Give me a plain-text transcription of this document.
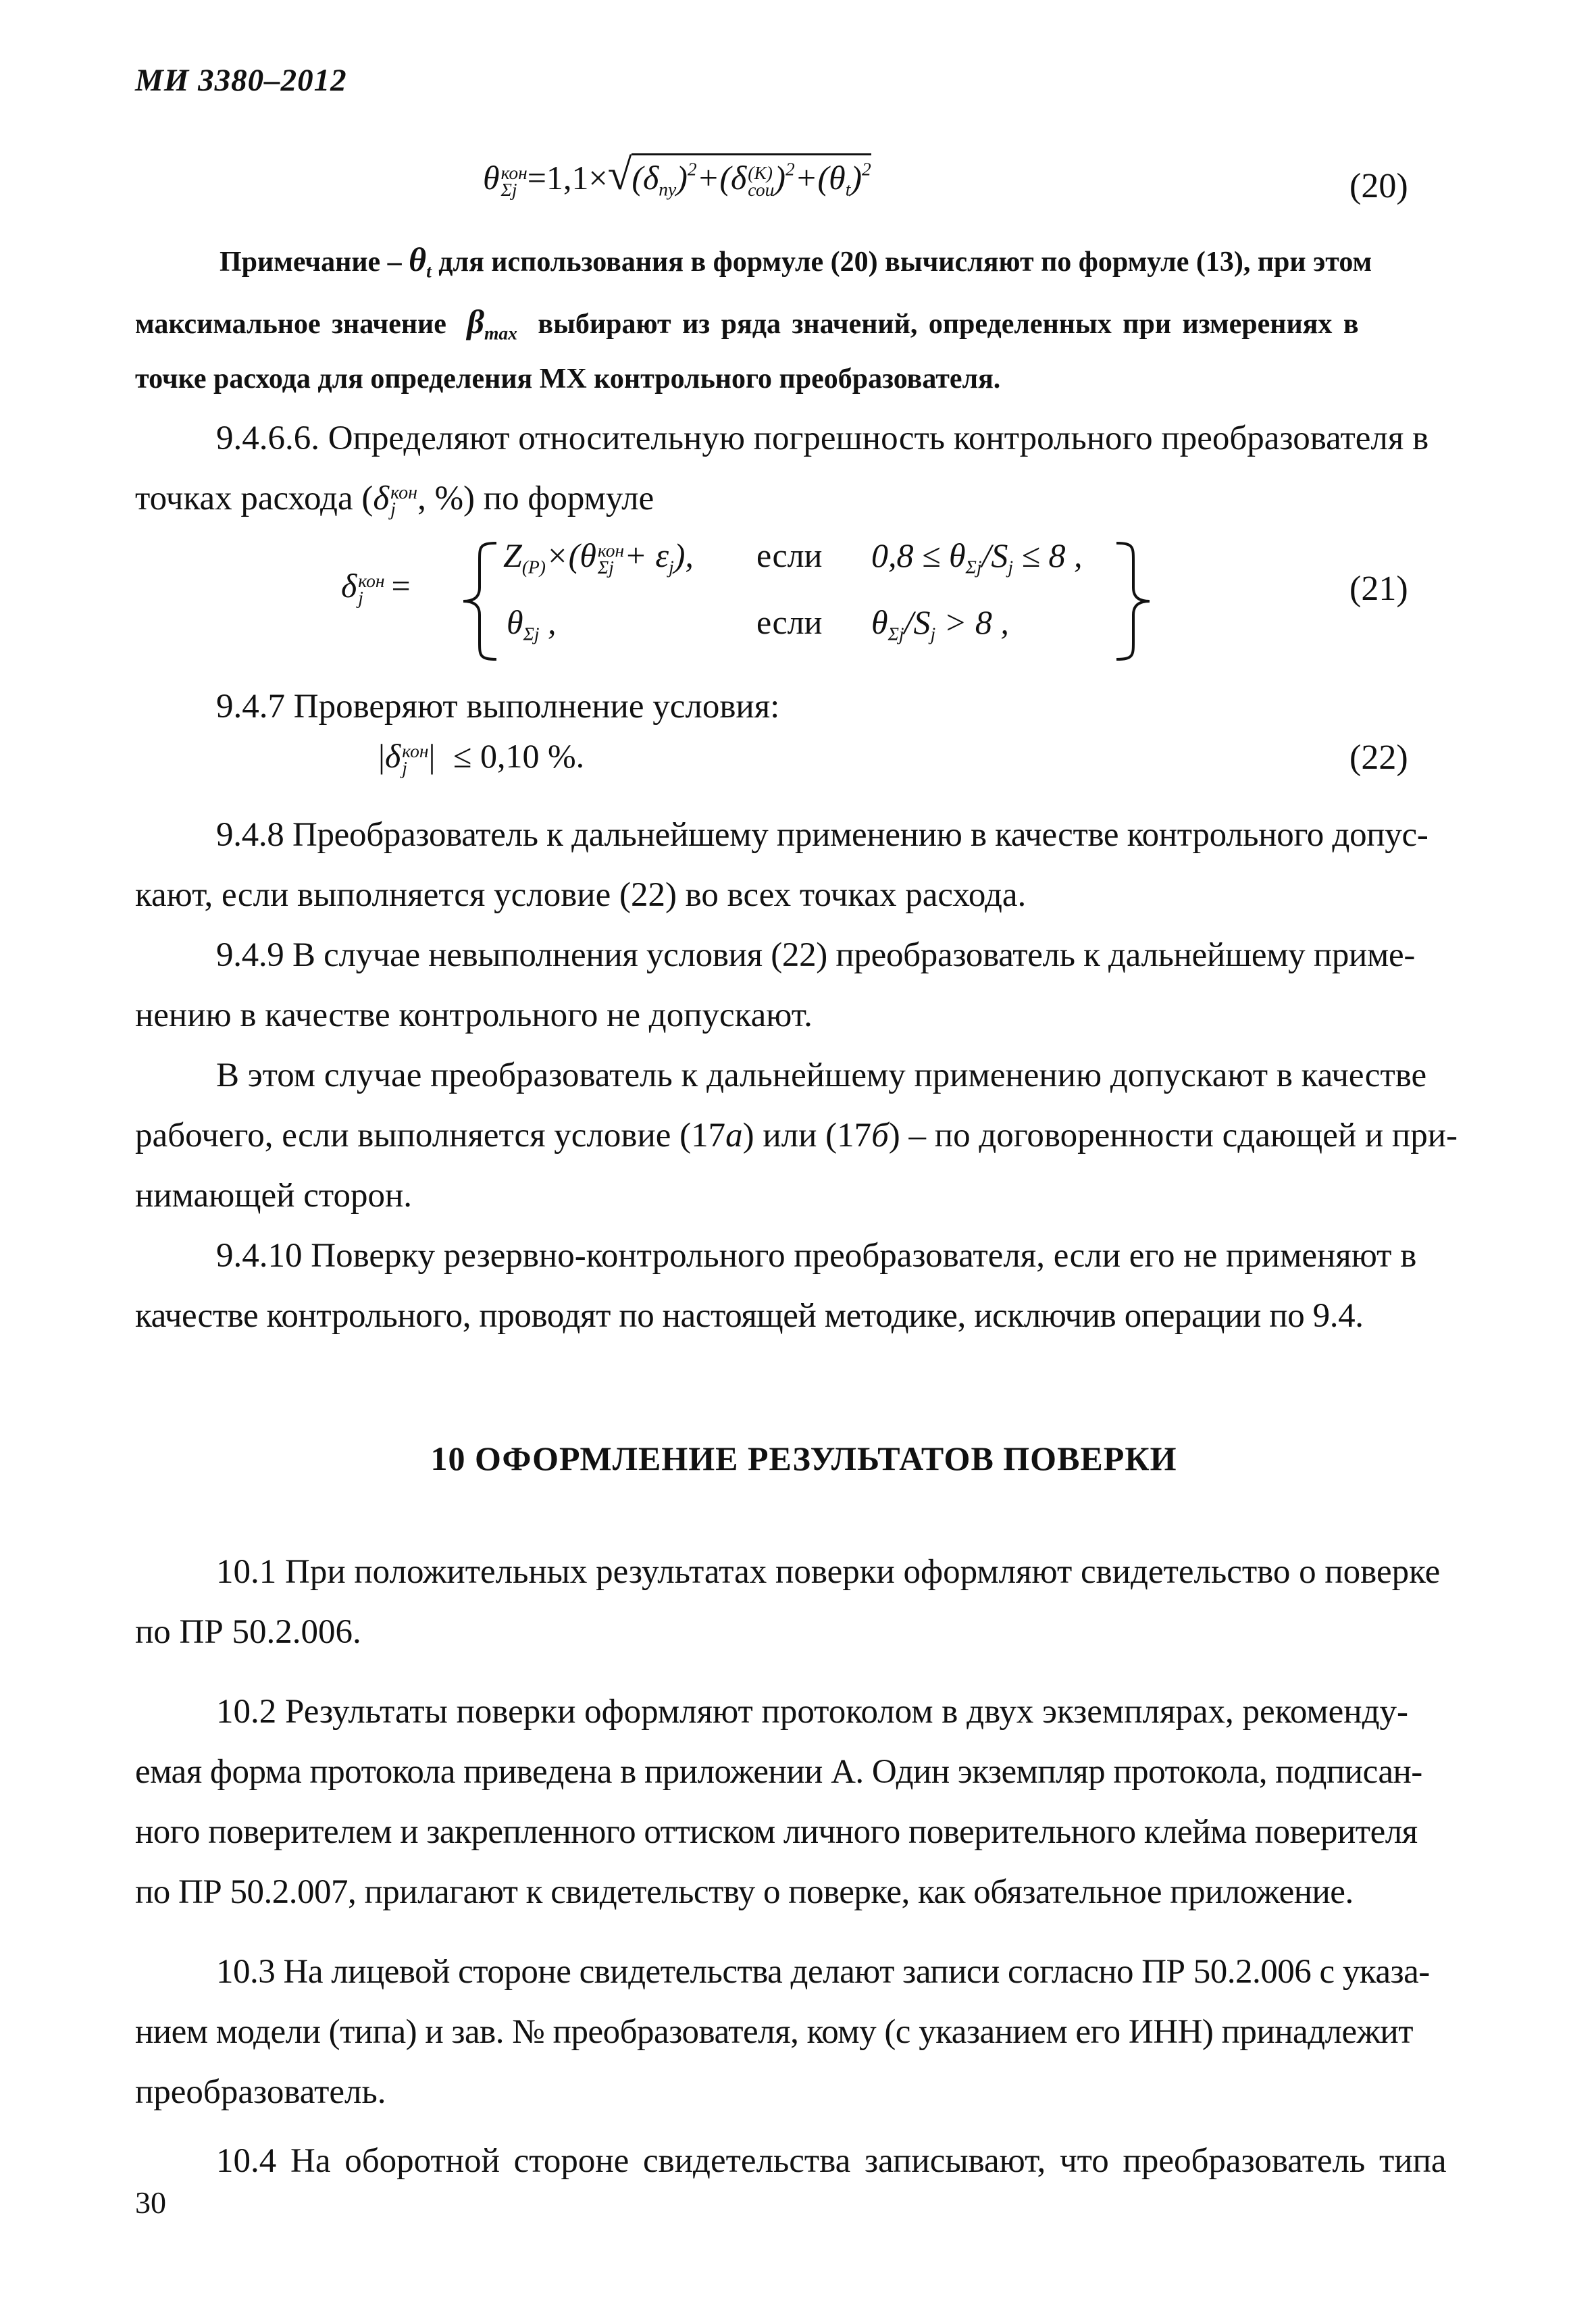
МИ 3380–2012
θ кон
$\Sigma j =1,1\times√(\delta_{пу})^2+(\delta$ (K)
сои )$^2+(\theta_t)^2$	(20)
Примечание – $\theta_t$ для использования в формуле (20) вычисляют по формуле (13), при этом
максимальное значение $\beta_{max}$ выбирают из ряда значений, определенных при измерениях в
точке расхода для определения МХ контрольного преобразователя.
9.4.6.6. Определяют относительную погрешность контрольного преобразователя в
точках расхода (δ кон
j , %) по формуле
δ кон
j =
$Z_{(P)}\times(\theta$ кон
$\Sigma j + \varepsilon_j$), если $0,8 \le \theta_{\Sigma j}/S_j \le 8$ ,
$\theta_{\Sigma j}$ ,	если $\theta_{\Sigma j}/S_j > 8$ ,
(21)
9.4.7 Проверяют выполнение условия:
|δ кон
j | ≤ 0,10 %.	(22)
9.4.8 Преобразователь к дальнейшему применению в качестве контрольного допус-
кают, если выполняется условие (22) во всех точках расхода.
9.4.9 В случае невыполнения условия (22) преобразователь к дальнейшему приме-
нению в качестве контрольного не допускают.
В этом случае преобразователь к дальнейшему применению допускают в качестве
рабочего, если выполняется условие (17а) или (17б) – по договоренности сдающей и при-
нимающей сторон.
9.4.10 Поверку резервно-контрольного преобразователя, если его не применяют в
качестве контрольного, проводят по настоящей методике, исключив операции по 9.4.
10 ОФОРМЛЕНИЕ РЕЗУЛЬТАТОВ ПОВЕРКИ
10.1 При положительных результатах поверки оформляют свидетельство о поверке
по ПР 50.2.006.
10.2 Результаты поверки оформляют протоколом в двух экземплярах, рекоменду-
емая форма протокола приведена в приложении А. Один экземпляр протокола, подписан-
ного поверителем и закрепленного оттиском личного поверительного клейма поверителя
по ПР 50.2.007, прилагают к свидетельству о поверке, как обязательное приложение.
10.3 На лицевой стороне свидетельства делают записи согласно ПР 50.2.006 с указа-
нием модели (типа) и зав. № преобразователя, кому (с указанием его ИНН) принадлежит
преобразователь.
10.4 На оборотной стороне свидетельства записывают, что преобразователь типа
30
